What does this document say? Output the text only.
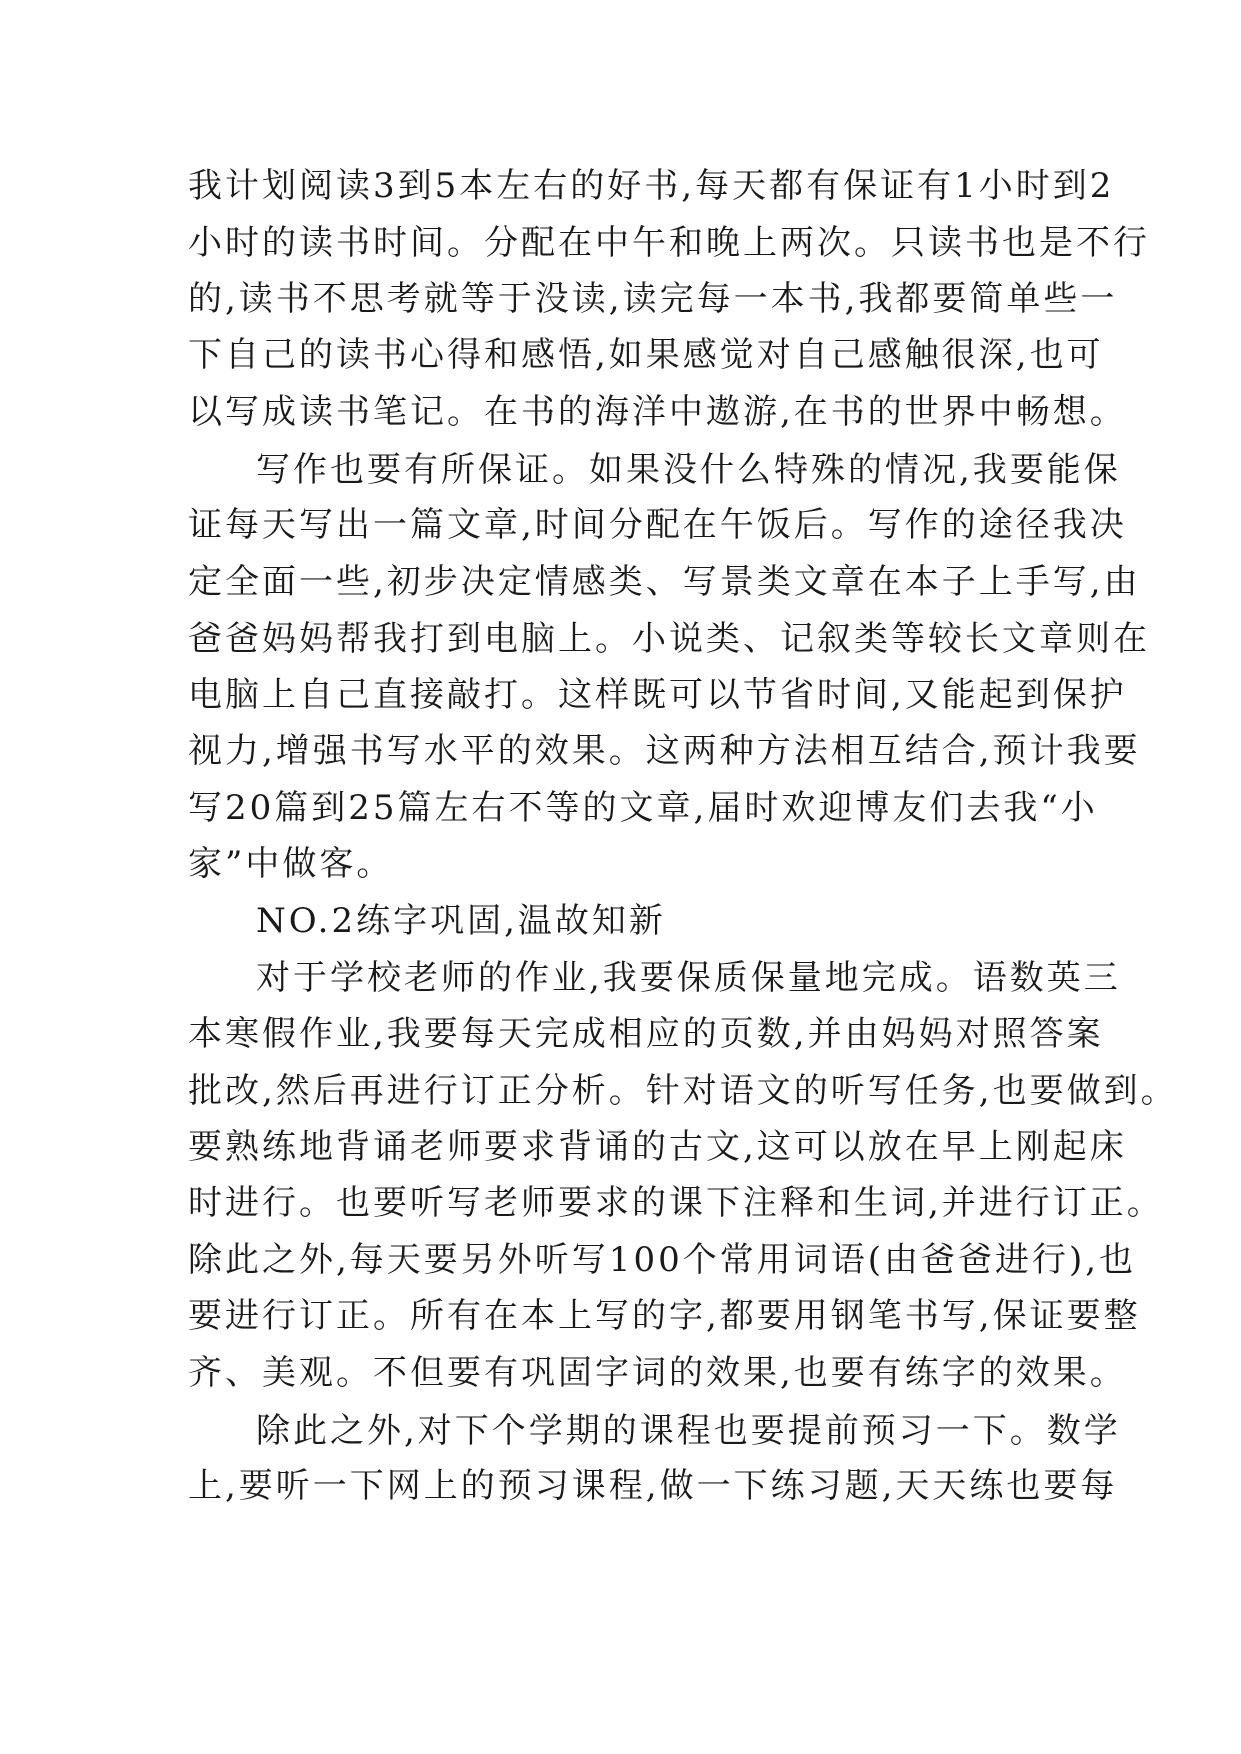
我计划阅读3到5本左右的好书,每天都有保证有1小时到2
小时的读书时间。分配在中午和晚上两次。只读书也是不行
的,读书不思考就等于没读,读完每一本书,我都要简单些一
下自己的读书心得和感悟,如果感觉对自己感触很深,也可
以写成读书笔记。在书的海洋中遨游,在书的世界中畅想。
写作也要有所保证。如果没什么特殊的情况,我要能保
证每天写出一篇文章,时间分配在午饭后。写作的途径我决
定全面一些,初步决定情感类、写景类文章在本子上手写,由
爸爸妈妈帮我打到电脑上。小说类、记叙类等较长文章则在
电脑上自己直接敲打。这样既可以节省时间,又能起到保护
视力,增强书写水平的效果。这两种方法相互结合,预计我要
写20篇到25篇左右不等的文章,届时欢迎博友们去我“小
家”中做客。
NO.2练字巩固,温故知新
对于学校老师的作业,我要保质保量地完成。语数英三
本寒假作业,我要每天完成相应的页数,并由妈妈对照答案
批改,然后再进行订正分析。针对语文的听写任务,也要做到。
要熟练地背诵老师要求背诵的古文,这可以放在早上刚起床
时进行。也要听写老师要求的课下注释和生词,并进行订正。
除此之外,每天要另外听写100个常用词语(由爸爸进行),也
要进行订正。所有在本上写的字,都要用钢笔书写,保证要整
齐、美观。不但要有巩固字词的效果,也要有练字的效果。
除此之外,对下个学期的课程也要提前预习一下。数学
上,要听一下网上的预习课程,做一下练习题,天天练也要每
